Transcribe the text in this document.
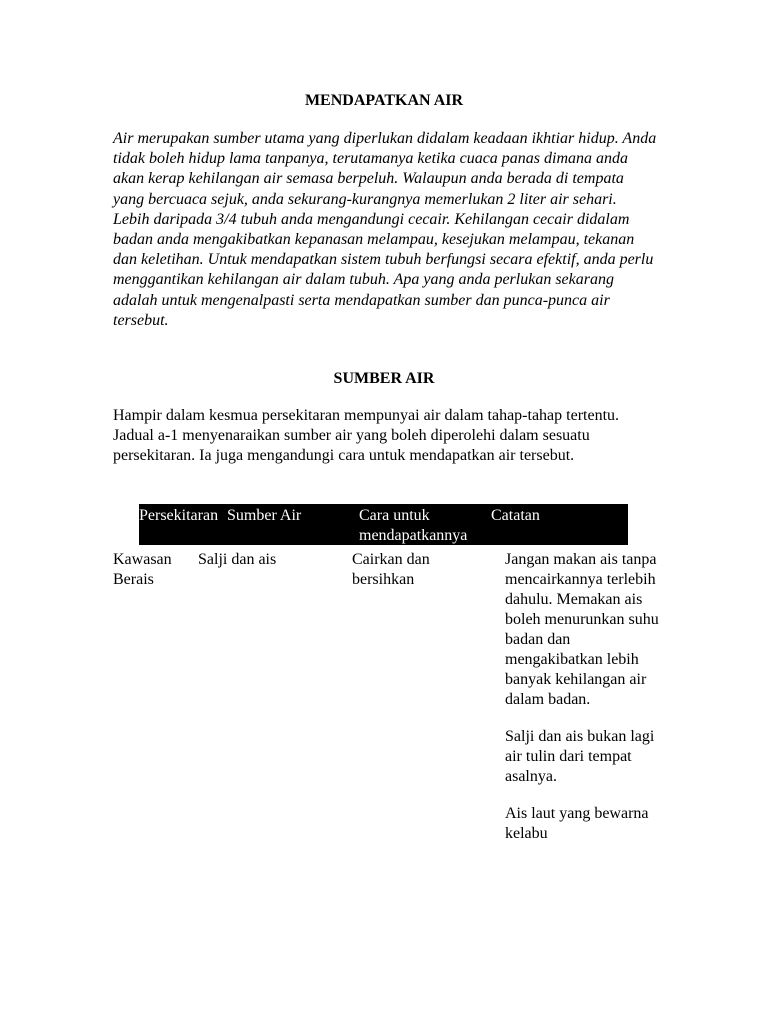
MENDAPATKAN AIR

Air merupakan sumber utama yang diperlukan didalam keadaan ikhtiar hidup. Anda tidak boleh hidup lama tanpanya, terutamanya ketika cuaca panas dimana anda akan kerap kehilangan air semasa berpeluh. Walaupun anda berada di tempata yang bercuaca sejuk, anda sekurang-kurangnya memerlukan 2 liter air sehari.

Lebih daripada 3/4 tubuh anda mengandungi cecair. Kehilangan cecair didalam badan anda mengakibatkan kepanasan melampau, kesejukan melampau, tekanan dan keletihan. Untuk mendapatkan sistem tubuh berfungsi secara efektif, anda perlu menggantikan kehilangan air dalam tubuh. Apa yang anda perlukan sekarang adalah untuk mengenalpasti serta mendapatkan sumber dan punca-punca air tersebut.

SUMBER AIR

Hampir dalam kesmua persekitaran mempunyai air dalam tahap-tahap tertentu. Jadual a-1 menyenaraikan sumber air yang boleh diperolehi dalam sesuatu persekitaran. Ia juga mengandungi cara untuk mendapatkan air tersebut.

Persekitaran Sumber Air	Cara untuk mendapatkannya
Catatan
Kawasan Berais
Salji dan ais	Cairkan dan bersihkan

Jangan makan ais tanpa mencairkannya terlebih dahulu. Memakan ais boleh menurunkan suhu badan dan mengakibatkan lebih banyak kehilangan air dalam badan.

Salji dan ais bukan lagi air tulin dari tempat asalnya.

Ais laut yang bewarna kelabu
